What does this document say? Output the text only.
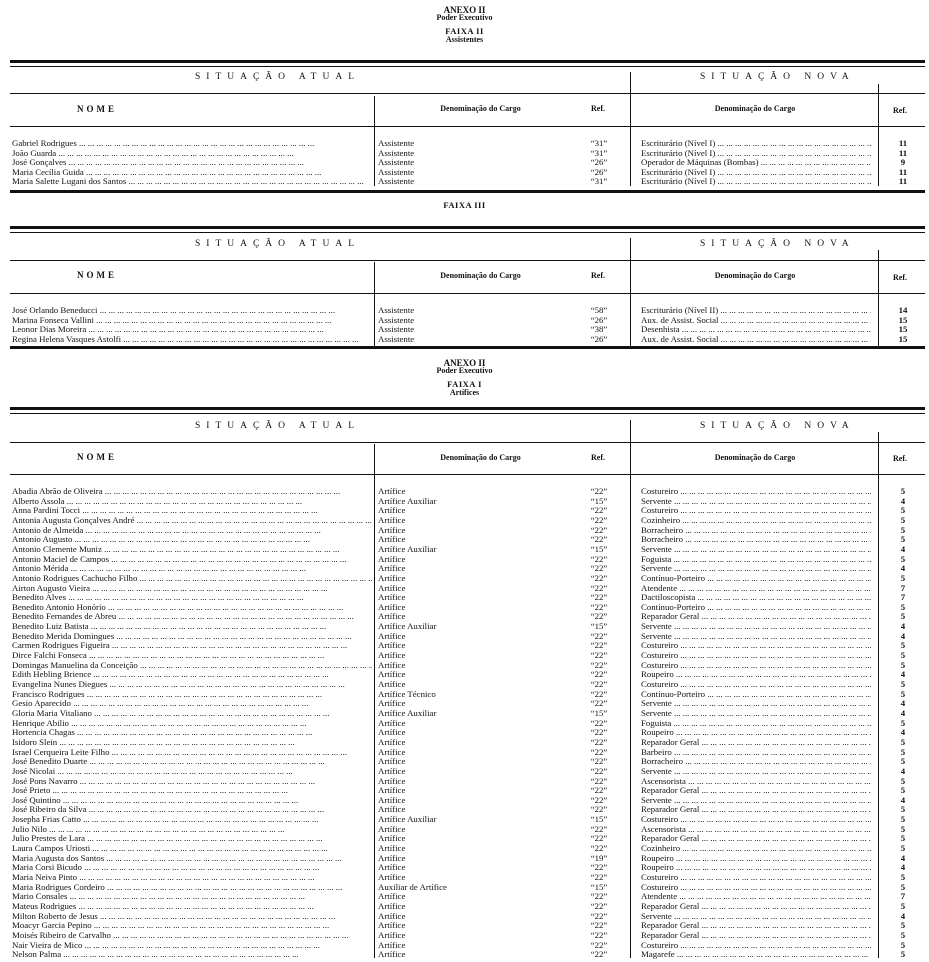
ANEXO II
Poder Executivo
FAIXA II
Assistentes
SITUAÇÃO ATUAL	SITUAÇÃO NOVA
NOME	Denominação do Cargo	Ref.	Denominação do Cargo	Ref.
Gabriel Rodrigues ... .	Assistente	“31”	Escriturário (Nível I) ... .	11
João Guarda ... .	Assistente	“31”	Escriturário (Nível I) ... .	11
José Gonçalves ... .	Assistente	“26”	Operador de Máquinas (Bombas) ... .	9
Maria Cecília Guida ... .	Assistente	“26”	Escriturário (Nível I) ... .	11
Maria Salette Lugani dos Santos ... .	Assistente	“31”	Escriturário (Nível I) ... .	11
FAIXA III
SITUAÇÃO ATUAL	SITUAÇÃO NOVA
NOME	Denominação do Cargo	Ref.	Denominação do Cargo	Ref.
José Orlando Beneducci ... .	Assistente	“58”	Escriturário (Nível II) ... .	14
Marina Fonseca Vallini ... .	Assistente	“26”	Aux. de Assist. Social ... .	15
Leonor Dias Moreira ... .	Assistente	“38”	Desenhista ... .	15
Regina Helena Vasques Astolfi ... .	Assistente	“26”	Aux. de Assist. Social ... .	15
ANEXO II
Poder Executivo
FAIXA I
Artífices
SITUAÇÃO ATUAL	SITUAÇÃO NOVA
NOME	Denominação do Cargo	Ref.	Denominação do Cargo	Ref.
Abadia Abrão de Oliveira ... .	Artífice	“22”	Costureiro ... .	5
Alberto Assola ... .	Artífice Auxiliar	“15”	Servente ... .	4
Anna Pardini Tocci ... .	Artífice	“22”	Costureiro ... .	5
Antonia Augusta Gonçalves André ... .	Artífice	“22”	Cozinheiro ... .	5
Antonio de Almeida ... .	Artífice	“22”	Borracheiro ... .	5
Antonio Augusto ... .	Artífice	“22”	Borracheiro ... .	5
Antonio Clemente Muniz ... .	Artífice Auxiliar	“15”	Servente ... .	4
Antonio Maciel de Campos ... .	Artífice	“22”	Foguista ... .	5
Antonio Mérida ... .	Artífice	“22”	Servente ... .	4
Antonio Rodrigues Cachucho Filho ... .	Artífice	“22”	Contínuo-Porteiro ... .	5
Airton Augusto Vieira ... .	Artífice	“22”	Atendente ... .	7
Benedito Alves ... .	Artífice	“22”	Dactiloscopista ... .	7
Benedito Antonio Honório ... .	Artífice	“22”	Contínuo-Porteiro ... .	5
Benedito Fernandes de Abreu ... .	Artífice	“22”	Reparador Geral ... .	5
Benedito Luiz Batista ... .	Artífice Auxiliar	“15”	Servente ... .	4
Benedito Merida Domingues ... .	Artífice	“22”	Servente ... .	4
Carmen Rodrigues Figueira ... .	Artífice	“22”	Costureiro ... .	5
Dirce Falchi Fonseca ... .	Artífice	“22”	Costureiro ... .	5
Domingas Manuelina da Conceição ... .	Artífice	“22”	Costureiro ... .	5
Edith Hebling Brience ... .	Artífice	“22”	Roupeiro ... .	4
Evangelina Nunes Diegues ... .	Artífice	“22”	Costureiro ... .	5
Francisco Rodrigues ... .	Artífice Técnico	“22”	Contínuo-Porteiro ... .	5
Gesio Aparecido ... .	Artífice	“22”	Servente ... .	4
Gloria Maria Vitaliano ... .	Artífice Auxiliar	“15”	Servente ... .	4
Henrique Abilio ... .	Artífice	“22”	Foguista ... .	5
Hortencia Chagas ... .	Artífice	“22”	Roupeiro ... .	4
Isidoro Slein ... .	Artífice	“22”	Reparador Geral ... .	5
Israel Cerqueira Leite Filho ... .	Artífice	“22”	Barbeiro ... .	5
José Benedito Duarte ... .	Artífice	“22”	Borracheiro ... .	5
José Nicolai ... .	Artífice	“22”	Servente ... .	4
José Pons Navarro ... .	Artífice	“22”	Ascensorista ... .	5
José Prieto ... .	Artífice	“22”	Reparador Geral ... .	5
José Quintino ... .	Artífice	“22”	Servente ... .	4
José Ribeiro da Silva ... .	Artífice	“22”	Reparador Geral ... .	5
Josepha Frias Catto ... .	Artífice Auxiliar	“15”	Costureiro ... .	5
Julio Nilo ... .	Artífice	“22”	Ascensorista ... .	5
Julio Prestes de Lara ... .	Artífice	“22”	Reparador Geral ... .	5
Laura Campos Uriosti ... .	Artífice	“22”	Cozinheiro ... .	5
Maria Augusta dos Santos ... .	Artífice	“19”	Roupeiro ... .	4
Maria Corsi Bicudo ... .	Artífice	“22”	Roupeiro ... .	4
Maria Neiva Pinto ... .	Artífice	“22”	Costureiro ... .	5
Maria Rodrigues Cordeiro ... .	Auxiliar de Artífice	“15”	Costureiro ... .	5
Mario Consales ... .	Artífice	“22”	Atendente ... .	7
Mateus Rodrigues ... .	Artífice	“22”	Reparador Geral ... .	5
Milton Roberto de Jesus ... .	Artífice	“22”	Servente ... .	4
Moacyr Garcia Pepino ... .	Artífice	“22”	Reparador Geral ... .	5
Moisés Ribeiro de Carvalho ... .	Artífice	“22”	Reparador Geral ... .	5
Nair Vieira de Mico ... .	Artífice	“22”	Costureiro ... .	5
Nelson Palma ... .	Artífice	“22”	Magarefe ... .	5
